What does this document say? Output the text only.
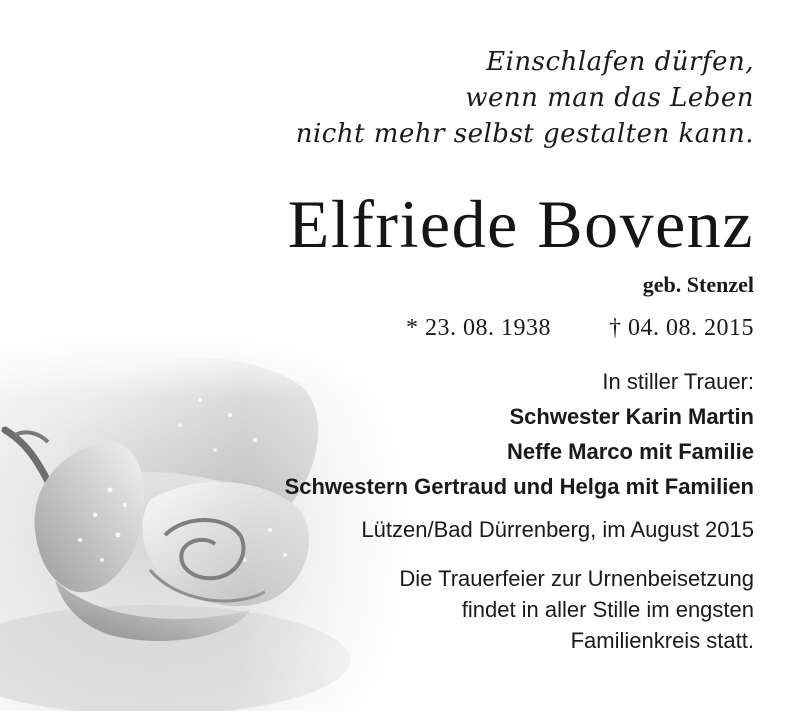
Einschlafen dürfen,
wenn man das Leben
nicht mehr selbst gestalten kann.
Elfriede Bovenz
geb. Stenzel
* 23. 08. 1938 † 04. 08. 2015
In stiller Trauer:
Schwester Karin Martin
Neffe Marco mit Familie
Schwestern Gertraud und Helga mit Familien
Lützen/Bad Dürrenberg, im August 2015
Die Trauerfeier zur Urnenbeisetzung
findet in aller Stille im engsten
Familienkreis statt.
